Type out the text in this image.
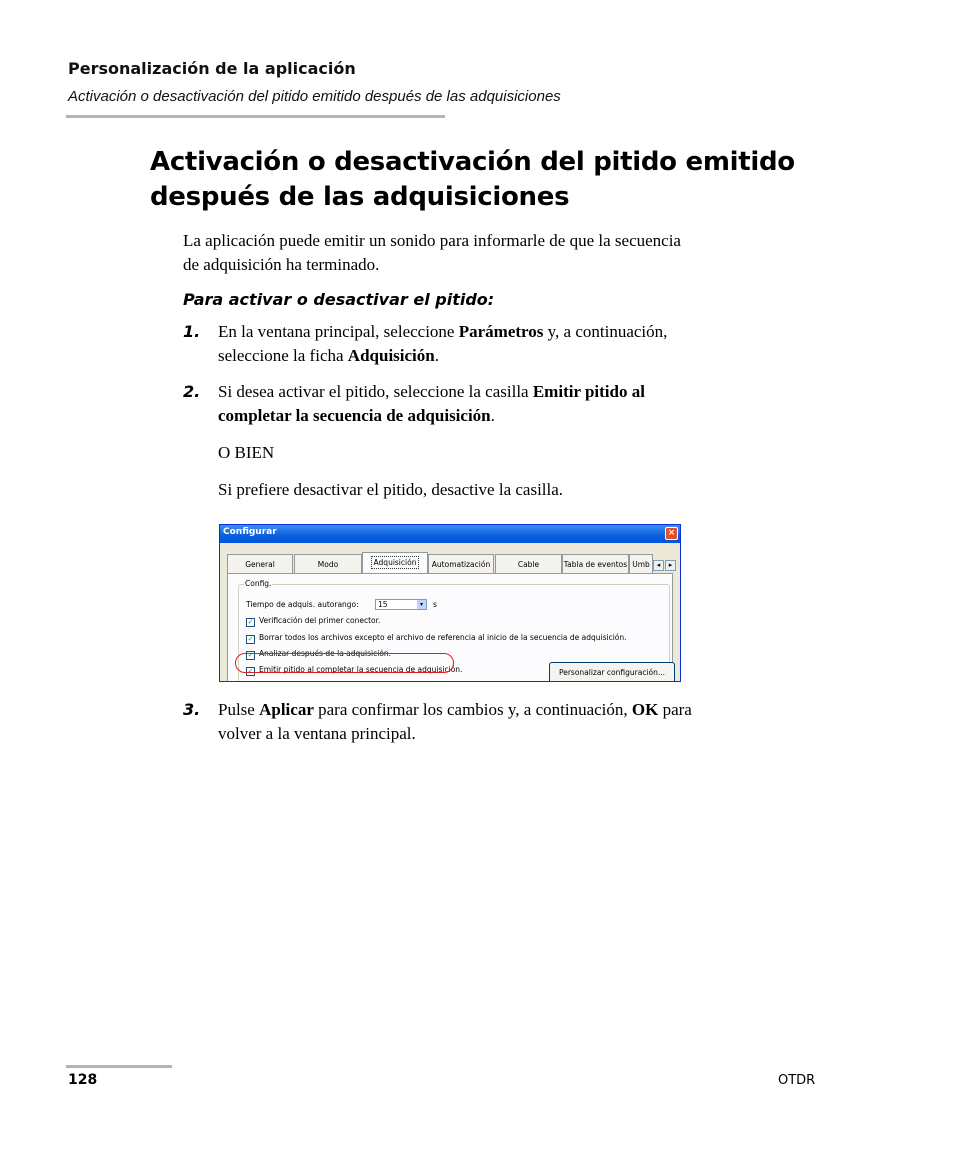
Personalización de la aplicación
Activación o desactivación del pitido emitido después de las adquisiciones
Activación o desactivación del pitido emitido
después de las adquisiciones
La aplicación puede emitir un sonido para informarle de que la secuencia
de adquisición ha terminado.
Para activar o desactivar el pitido:
1. En la ventana principal, seleccione Parámetros y, a continuación,
seleccione la ficha Adquisición.
2. Si desea activar el pitido, seleccione la casilla Emitir pitido al
completar la secuencia de adquisición.
O BIEN
Si prefiere desactivar el pitido, desactive la casilla.
Configurar	×
General	Modo	Adquisición	Automatización	Cable	Tabla de eventos Umb ◂	▸
Config.
Tiempo de adquis. autorango:	15	▾	s
✓ Verificación del primer conector.
✓ Borrar todos los archivos excepto el archivo de referencia al inicio de la secuencia de adquisición.
✓ Analizar después de la adquisición.
✓ Emitir pitido al completar la secuencia de adquisición.	Personalizar configuración...
3. Pulse Aplicar para confirmar los cambios y, a continuación, OK para
volver a la ventana principal.
128	OTDR
